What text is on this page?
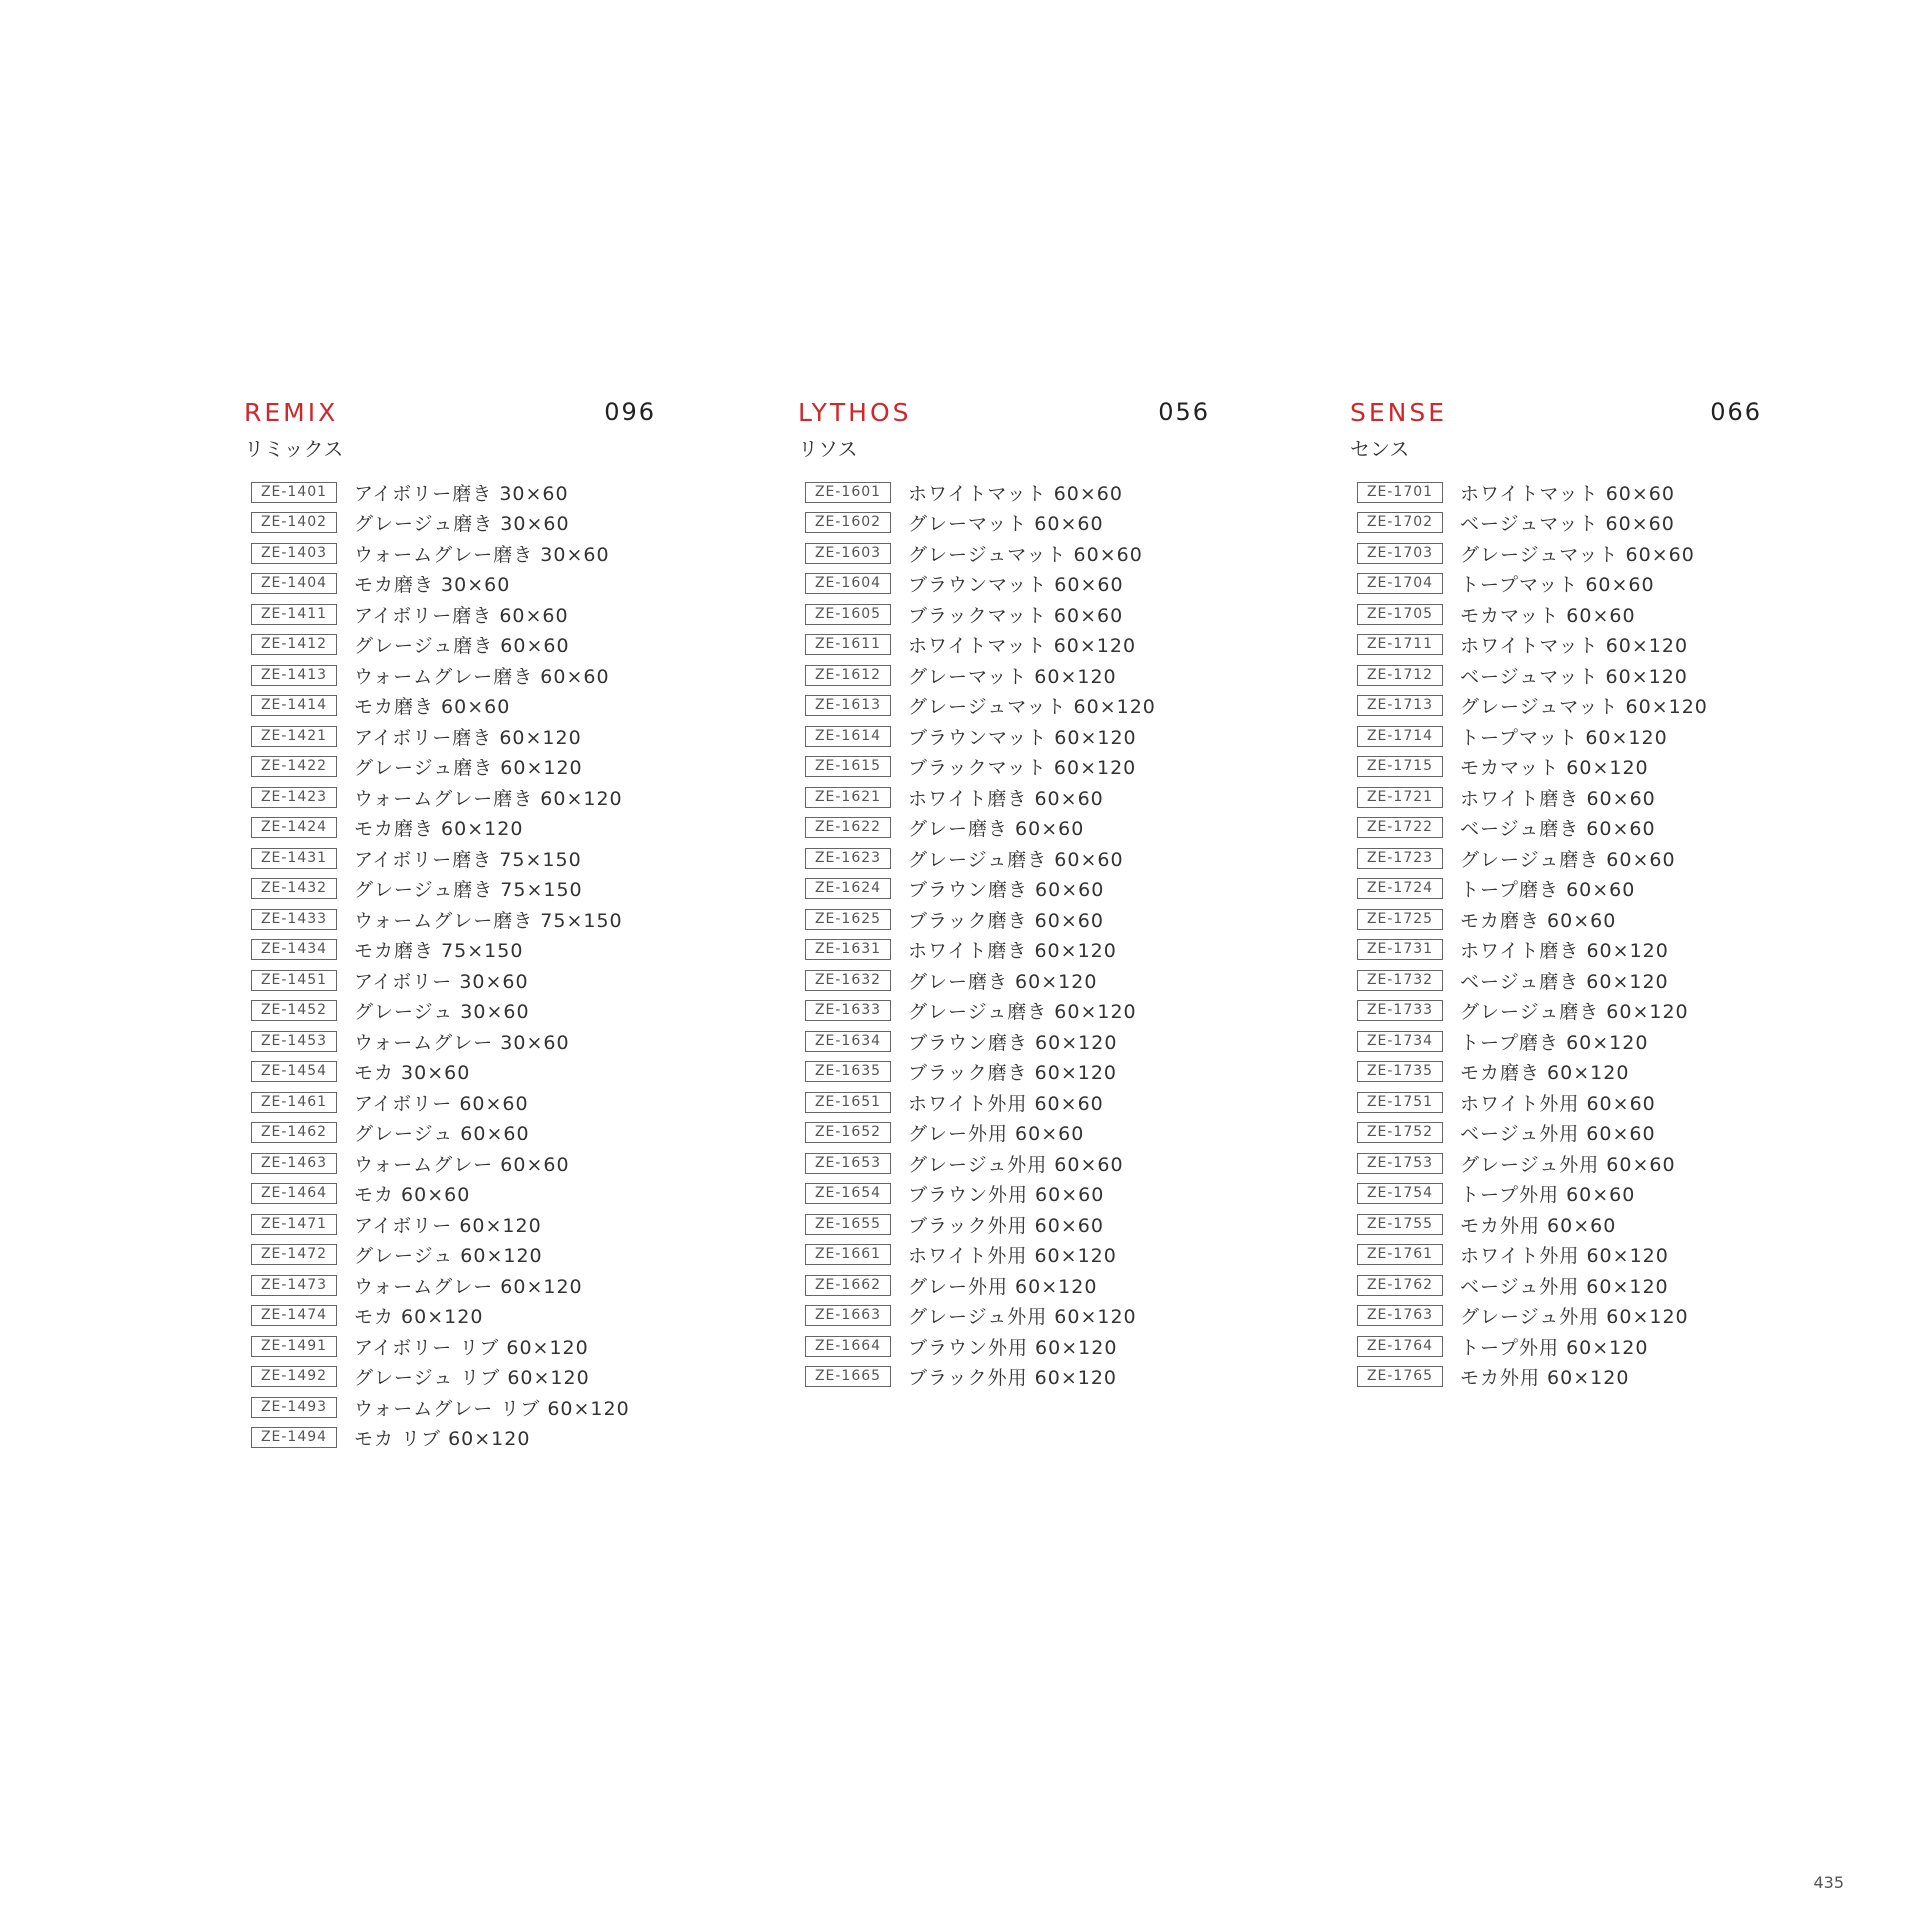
REMIX	096
リミックス
ZE-1401	アイボリー磨き 30×60
ZE-1402	グレージュ磨き 30×60
ZE-1403	ウォームグレー磨き 30×60
ZE-1404	モカ磨き 30×60
ZE-1411	アイボリー磨き 60×60
ZE-1412	グレージュ磨き 60×60
ZE-1413	ウォームグレー磨き 60×60
ZE-1414	モカ磨き 60×60
ZE-1421	アイボリー磨き 60×120
ZE-1422	グレージュ磨き 60×120
ZE-1423	ウォームグレー磨き 60×120
ZE-1424	モカ磨き 60×120
ZE-1431	アイボリー磨き 75×150
ZE-1432	グレージュ磨き 75×150
ZE-1433	ウォームグレー磨き 75×150
ZE-1434	モカ磨き 75×150
ZE-1451	アイボリー 30×60
ZE-1452	グレージュ 30×60
ZE-1453	ウォームグレー 30×60
ZE-1454	モカ 30×60
ZE-1461	アイボリー 60×60
ZE-1462	グレージュ 60×60
ZE-1463	ウォームグレー 60×60
ZE-1464	モカ 60×60
ZE-1471	アイボリー 60×120
ZE-1472	グレージュ 60×120
ZE-1473	ウォームグレー 60×120
ZE-1474	モカ 60×120
ZE-1491	アイボリー リブ 60×120
ZE-1492	グレージュ リブ 60×120
ZE-1493	ウォームグレー リブ 60×120
ZE-1494	モカ リブ 60×120
LYTHOS	056
リソス
ZE-1601	ホワイトマット 60×60
ZE-1602	グレーマット 60×60
ZE-1603	グレージュマット 60×60
ZE-1604	ブラウンマット 60×60
ZE-1605	ブラックマット 60×60
ZE-1611	ホワイトマット 60×120
ZE-1612	グレーマット 60×120
ZE-1613	グレージュマット 60×120
ZE-1614	ブラウンマット 60×120
ZE-1615	ブラックマット 60×120
ZE-1621	ホワイト磨き 60×60
ZE-1622	グレー磨き 60×60
ZE-1623	グレージュ磨き 60×60
ZE-1624	ブラウン磨き 60×60
ZE-1625	ブラック磨き 60×60
ZE-1631	ホワイト磨き 60×120
ZE-1632	グレー磨き 60×120
ZE-1633	グレージュ磨き 60×120
ZE-1634	ブラウン磨き 60×120
ZE-1635	ブラック磨き 60×120
ZE-1651	ホワイト外用 60×60
ZE-1652	グレー外用 60×60
ZE-1653	グレージュ外用 60×60
ZE-1654	ブラウン外用 60×60
ZE-1655	ブラック外用 60×60
ZE-1661	ホワイト外用 60×120
ZE-1662	グレー外用 60×120
ZE-1663	グレージュ外用 60×120
ZE-1664	ブラウン外用 60×120
ZE-1665	ブラック外用 60×120
SENSE	066
センス
ZE-1701	ホワイトマット 60×60
ZE-1702	ベージュマット 60×60
ZE-1703	グレージュマット 60×60
ZE-1704	トープマット 60×60
ZE-1705	モカマット 60×60
ZE-1711	ホワイトマット 60×120
ZE-1712	ベージュマット 60×120
ZE-1713	グレージュマット 60×120
ZE-1714	トープマット 60×120
ZE-1715	モカマット 60×120
ZE-1721	ホワイト磨き 60×60
ZE-1722	ベージュ磨き 60×60
ZE-1723	グレージュ磨き 60×60
ZE-1724	トープ磨き 60×60
ZE-1725	モカ磨き 60×60
ZE-1731	ホワイト磨き 60×120
ZE-1732	ベージュ磨き 60×120
ZE-1733	グレージュ磨き 60×120
ZE-1734	トープ磨き 60×120
ZE-1735	モカ磨き 60×120
ZE-1751	ホワイト外用 60×60
ZE-1752	ベージュ外用 60×60
ZE-1753	グレージュ外用 60×60
ZE-1754	トープ外用 60×60
ZE-1755	モカ外用 60×60
ZE-1761	ホワイト外用 60×120
ZE-1762	ベージュ外用 60×120
ZE-1763	グレージュ外用 60×120
ZE-1764	トープ外用 60×120
ZE-1765	モカ外用 60×120
435
